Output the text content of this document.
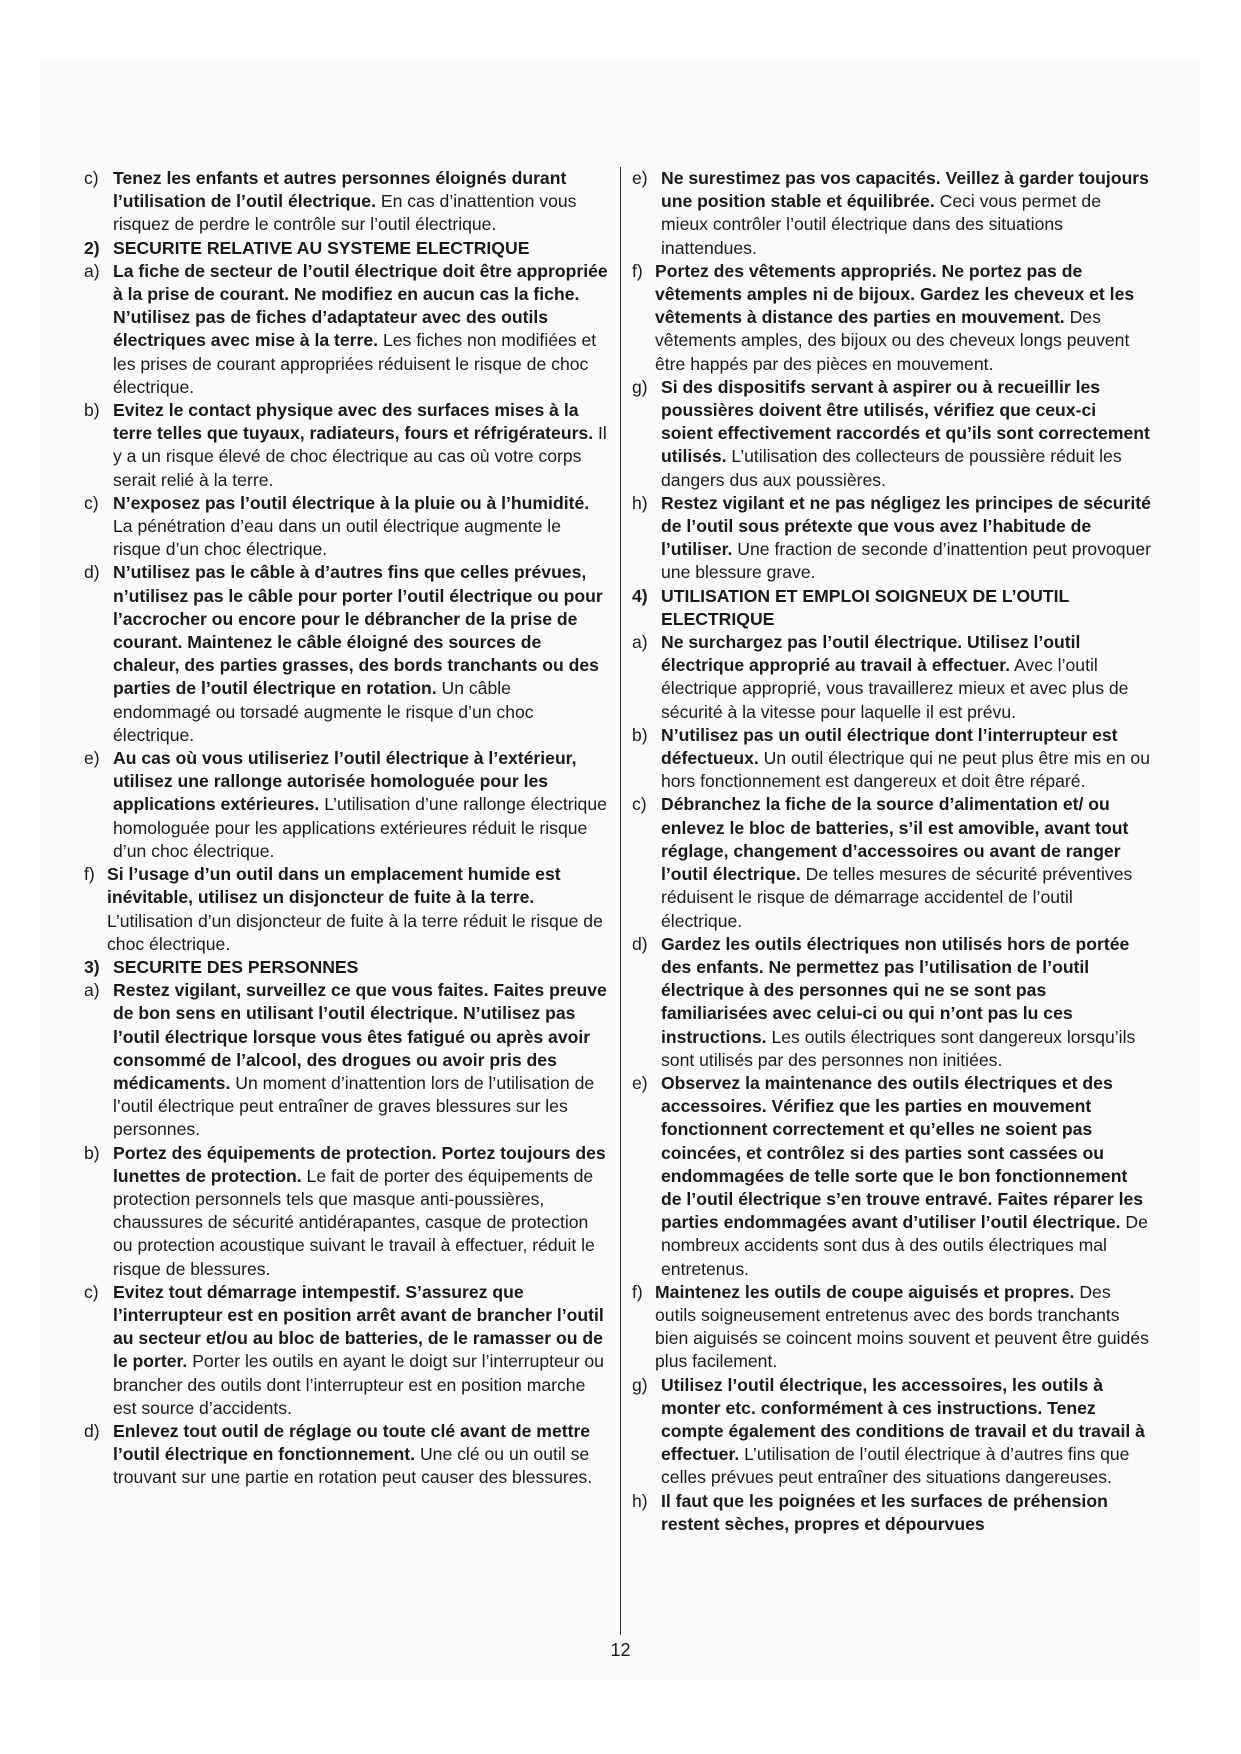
c) Tenez les enfants et autres personnes éloignés durant l’utilisation de l’outil électrique. En cas d’inattention vous risquez de perdre le contrôle sur l’outil électrique.

2) SECURITE RELATIVE AU SYSTEME ELECTRIQUE

a) La fiche de secteur de l’outil électrique doit être appropriée à la prise de courant. Ne modifiez en aucun cas la fiche. N’utilisez pas de fiches d’adaptateur avec des outils électriques avec mise à la terre. Les fiches non modifiées et les prises de courant appropriées réduisent le risque de choc électrique.

b) Evitez le contact physique avec des surfaces mises à la terre telles que tuyaux, radiateurs, fours et réfrigérateurs. Il y a un risque élevé de choc électrique au cas où votre corps serait relié à la terre.

c) N’exposez pas l’outil électrique à la pluie ou à l’humidité. La pénétration d’eau dans un outil électrique augmente le risque d’un choc électrique.

d) N’utilisez pas le câble à d’autres fins que celles prévues, n’utilisez pas le câble pour porter l’outil électrique ou pour l’accrocher ou encore pour le débrancher de la prise de courant. Maintenez le câble éloigné des sources de chaleur, des parties grasses, des bords tranchants ou des parties de l’outil électrique en rotation. Un câble endommagé ou torsadé augmente le risque d’un choc électrique.

e) Au cas où vous utiliseriez l’outil électrique à l’extérieur, utilisez une rallonge autorisée homologuée pour les applications extérieures. L’utilisation d’une rallonge électrique homologuée pour les applications extérieures réduit le risque d’un choc électrique.

f) Si l’usage d’un outil dans un emplacement humide est inévitable, utilisez un disjoncteur de fuite à la terre. L’utilisation d’un disjoncteur de fuite à la terre réduit le risque de choc électrique.

3) SECURITE DES PERSONNES

a) Restez vigilant, surveillez ce que vous faites. Faites preuve de bon sens en utilisant l’outil électrique. N’utilisez pas l’outil électrique lorsque vous êtes fatigué ou après avoir consommé de l’alcool, des drogues ou avoir pris des médicaments. Un moment d’inattention lors de l’utilisation de l’outil électrique peut entraîner de graves blessures sur les personnes.

b) Portez des équipements de protection. Portez toujours des lunettes de protection. Le fait de porter des équipements de protection personnels tels que masque anti-poussières, chaussures de sécurité antidérapantes, casque de protection ou protection acoustique suivant le travail à effectuer, réduit le risque de blessures.

c) Evitez tout démarrage intempestif. S’assurez que l’interrupteur est en position arrêt avant de brancher l’outil au secteur et/ou au bloc de batteries, de le ramasser ou de le porter. Porter les outils en ayant le doigt sur l’interrupteur ou brancher des outils dont l’interrupteur est en position marche est source d’accidents.

d) Enlevez tout outil de réglage ou toute clé avant de mettre l’outil électrique en fonctionnement. Une clé ou un outil se trouvant sur une partie en rotation peut causer des blessures.

e) Ne surestimez pas vos capacités. Veillez à garder toujours une position stable et équilibrée. Ceci vous permet de mieux contrôler l’outil électrique dans des situations inattendues.

f) Portez des vêtements appropriés. Ne portez pas de vêtements amples ni de bijoux. Gardez les cheveux et les vêtements à distance des parties en mouvement. Des vêtements amples, des bijoux ou des cheveux longs peuvent être happés par des pièces en mouvement.

g) Si des dispositifs servant à aspirer ou à recueillir les poussières doivent être utilisés, vérifiez que ceux-ci soient effectivement raccordés et qu’ils sont correctement utilisés. L’utilisation des collecteurs de poussière réduit les dangers dus aux poussières.

h) Restez vigilant et ne pas négligez les principes de sécurité de l’outil sous prétexte que vous avez l’habitude de l’utiliser. Une fraction de seconde d’inattention peut provoquer une blessure grave.

4) UTILISATION ET EMPLOI SOIGNEUX DE L’OUTIL ELECTRIQUE

a) Ne surchargez pas l’outil électrique. Utilisez l’outil électrique approprié au travail à effectuer. Avec l’outil électrique approprié, vous travaillerez mieux et avec plus de sécurité à la vitesse pour laquelle il est prévu.

b) N’utilisez pas un outil électrique dont l’interrupteur est défectueux. Un outil électrique qui ne peut plus être mis en ou hors fonctionnement est dangereux et doit être réparé.

c) Débranchez la fiche de la source d’alimentation et/ ou enlevez le bloc de batteries, s’il est amovible, avant tout réglage, changement d’accessoires ou avant de ranger l’outil électrique. De telles mesures de sécurité préventives réduisent le risque de démarrage accidentel de l’outil électrique.

d) Gardez les outils électriques non utilisés hors de portée des enfants. Ne permettez pas l’utilisation de l’outil électrique à des personnes qui ne se sont pas familiarisées avec celui-ci ou qui n’ont pas lu ces instructions. Les outils électriques sont dangereux lorsqu’ils sont utilisés par des personnes non initiées.

e) Observez la maintenance des outils électriques et des accessoires. Vérifiez que les parties en mouvement fonctionnent correctement et qu’elles ne soient pas coincées, et contrôlez si des parties sont cassées ou endommagées de telle sorte que le bon fonctionnement de l’outil électrique s’en trouve entravé. Faites réparer les parties endommagées avant d’utiliser l’outil électrique. De nombreux accidents sont dus à des outils électriques mal entretenus.

f) Maintenez les outils de coupe aiguisés et propres. Des outils soigneusement entretenus avec des bords tranchants bien aiguisés se coincent moins souvent et peuvent être guidés plus facilement.

g) Utilisez l’outil électrique, les accessoires, les outils à monter etc. conformément à ces instructions. Tenez compte également des conditions de travail et du travail à effectuer. L’utilisation de l’outil électrique à d’autres fins que celles prévues peut entraîner des situations dangereuses.

h) Il faut que les poignées et les surfaces de préhension restent sèches, propres et dépourvues

12
